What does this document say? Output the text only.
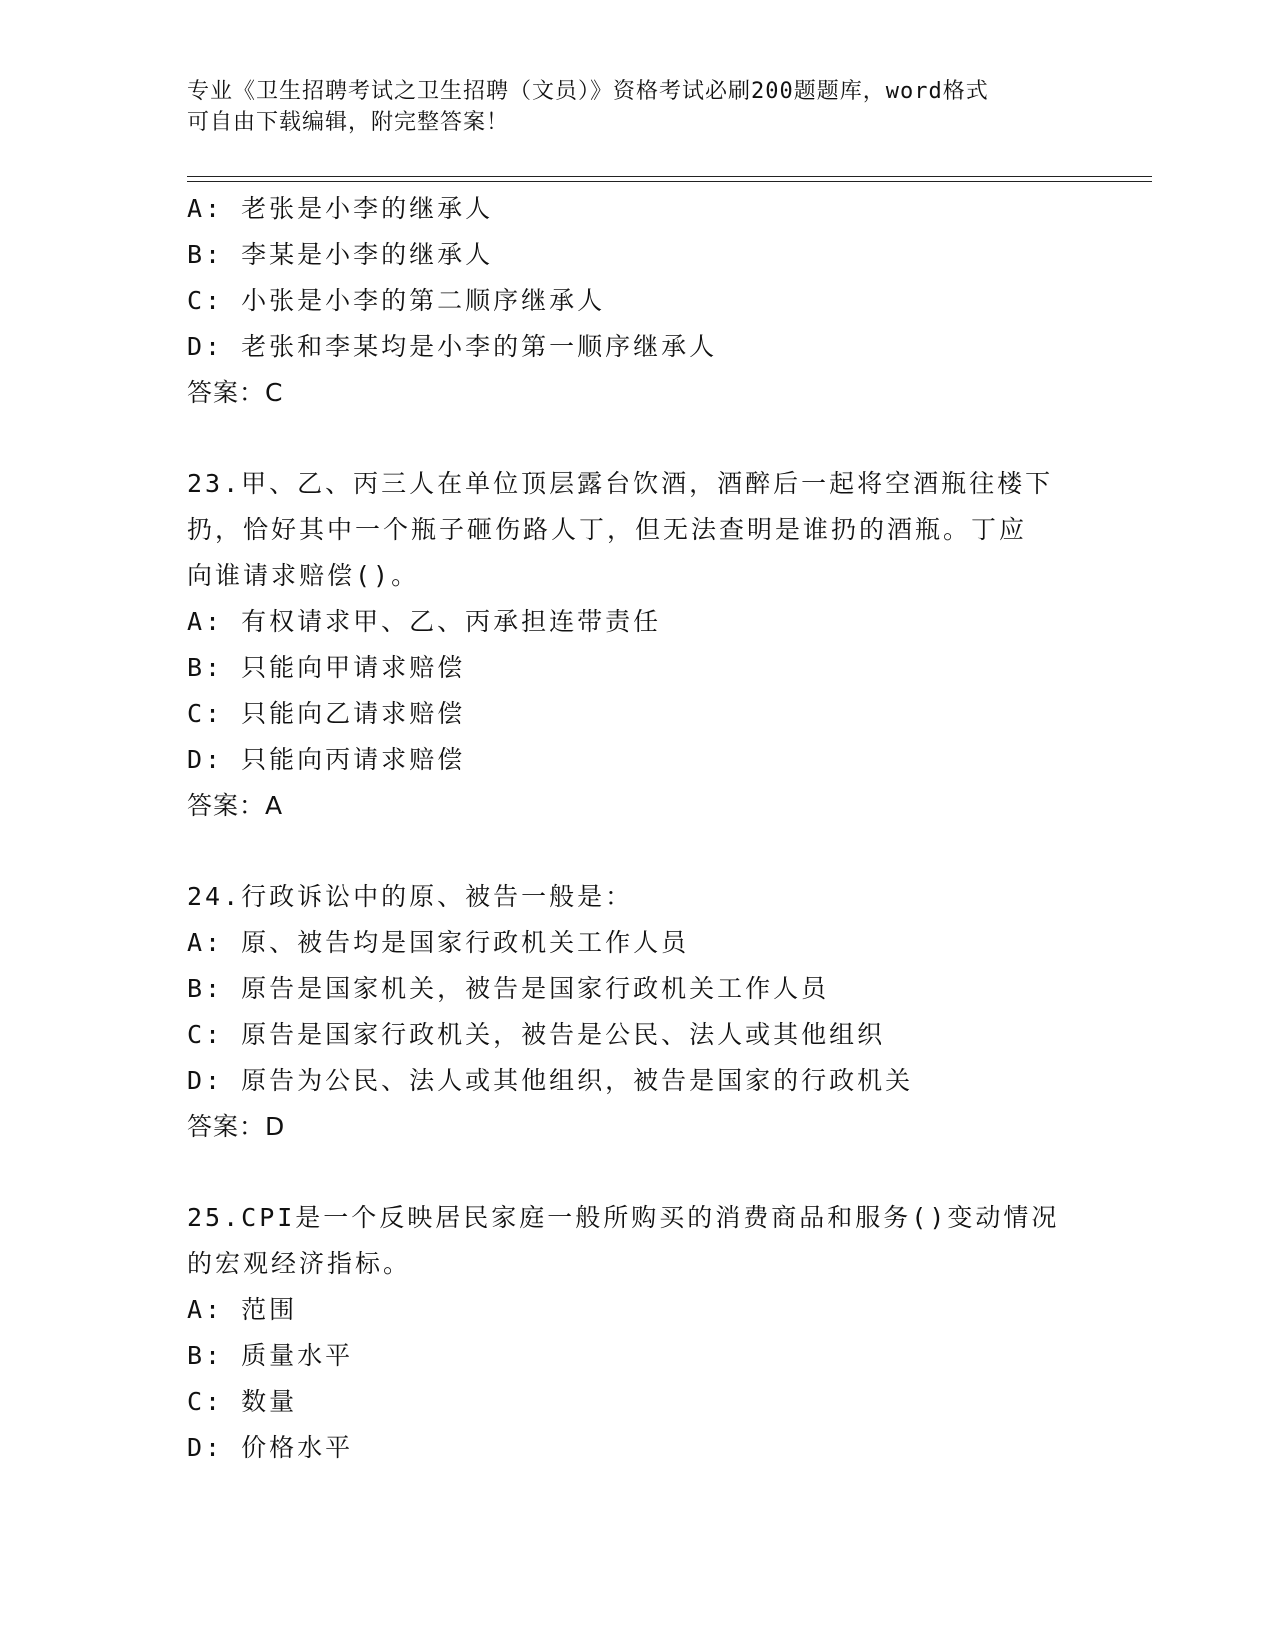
专业《卫生招聘考试之卫生招聘（文员）》资格考试必刷200题题库，word格式
可自由下载编辑，附完整答案！
A: 老张是小李的继承人
B: 李某是小李的继承人
C: 小张是小李的第二顺序继承人
D: 老张和李某均是小李的第一顺序继承人
答案：C
23.甲、乙、丙三人在单位顶层露台饮酒，酒醉后一起将空酒瓶往楼下
扔，恰好其中一个瓶子砸伤路人丁，但无法查明是谁扔的酒瓶。丁应
向谁请求赔偿()。
A: 有权请求甲、乙、丙承担连带责任
B: 只能向甲请求赔偿
C: 只能向乙请求赔偿
D: 只能向丙请求赔偿
答案：A
24.行政诉讼中的原、被告一般是：
A: 原、被告均是国家行政机关工作人员
B: 原告是国家机关，被告是国家行政机关工作人员
C: 原告是国家行政机关，被告是公民、法人或其他组织
D: 原告为公民、法人或其他组织，被告是国家的行政机关
答案：D
25.CPI是一个反映居民家庭一般所购买的消费商品和服务()变动情况
的宏观经济指标。
A: 范围
B: 质量水平
C: 数量
D: 价格水平
